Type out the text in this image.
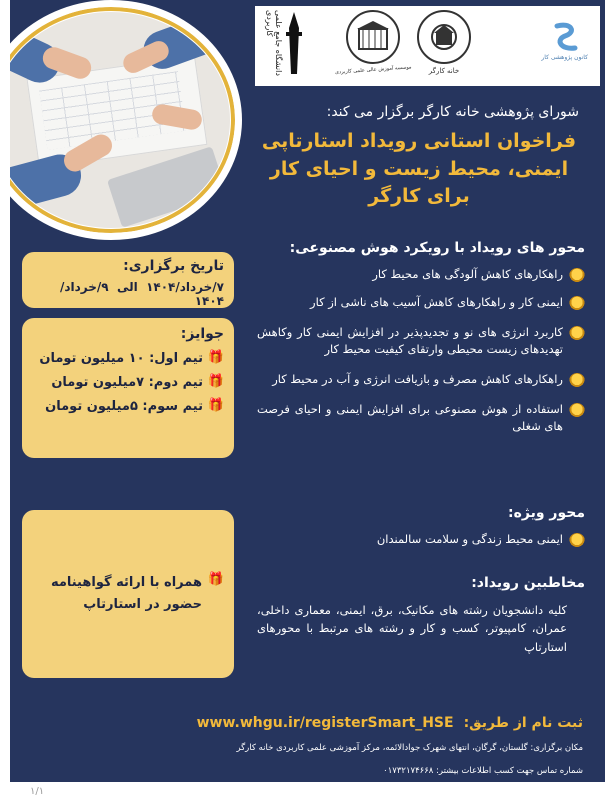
دانشگاه جامع علمی کاربردی
موسسه آموزش عالی علمی کاربردی خانه کارگر
کانون پژوهشی کار
شورای پژوهشی خانه کارگر برگزار می کند:
فراخوان استانی رویداد استارتاپی ایمنی، محیط زیست و احیای کار برای کارگر
محور های رویداد با رویکرد هوش مصنوعی:
راهکارهای کاهش آلودگی های محیط کار
ایمنی کار و راهکارهای کاهش آسیب های ناشی از کار
کاربرد انرژی های نو و تجدیدپذیر در افزایش ایمنی کار وکاهش تهدیدهای زیست محیطی وارتقای کیفیت محیط کار
راهکارهای کاهش مصرف و بازیافت انرژی و آب در محیط کار
استفاده از هوش مصنوعی برای افزایش ایمنی و احیای فرصت های شغلی
محور ویژه:
ایمنی محیط زندگی و سلامت سالمندان
مخاطبین رویداد:
کلیه دانشجویان رشته های مکانیک، برق، ایمنی، معماری داخلی، عمران، کامپیوتر، کسب و کار و رشته های مرتبط با محورهای استارتاپ
تاریخ برگزاری:
۷/خرداد/۱۴۰۴  الی  ۹/خرداد/۱۴۰۴
جوایز:
🎁
تیم اول: ۱۰ میلیون تومان
🎁
تیم دوم: ۷میلیون تومان
🎁
تیم سوم: ۵میلیون تومان
🎁
همراه با ارائه گواهینامه حضور در استارتاپ
ثبت نام از طریق:
www.whgu.ir/registerSmart_HSE
مکان برگزاری: گلستان، گرگان، انتهای شهرک جوادالائمه، مرکز آموزشی علمی کاربردی خانه کارگر
شماره تماس جهت کسب اطلاعات بیشتر: ۰۱۷۳۲۱۷۴۶۶۸
۱/۱
